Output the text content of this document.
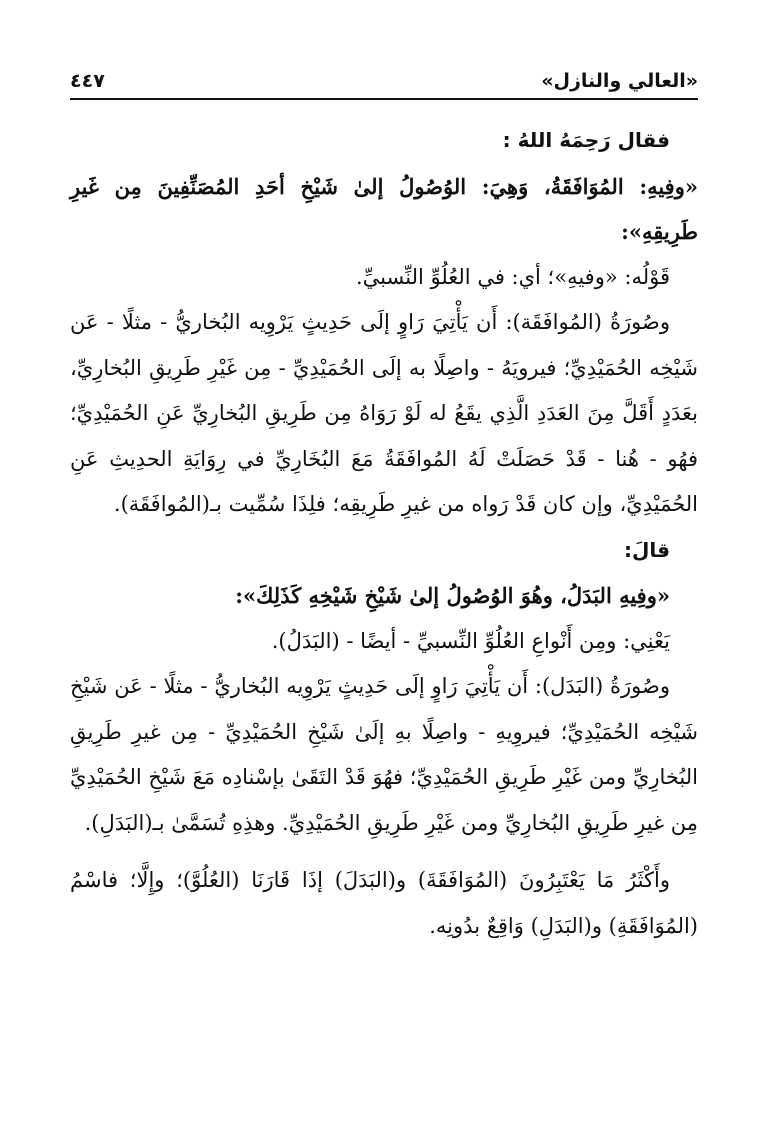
«العالي والنازل»
٤٤٧

فقال رَحِمَهُ اللهُ :

«وفِيهِ: المُوَافَقَةُ، وَهِيَ: الوُصُولُ إلىٰ شَيْخِ أحَدِ المُصَنِّفِينَ مِن غَيرِ طَرِيقِهِ»:

قَوْلُه: «وفيهِ»؛ أي: في العُلُوِّ النِّسبيِّ.

وصُورَةُ (المُوافَقَة): أَن يَأْتِيَ رَاوٍ إلَى حَدِيثٍ يَرْوِيه البُخاريُّ - مثلًا - عَن شَيْخِه الحُمَيْدِيِّ؛ فيرويَهُ - واصِلًا به إلَى الحُمَيْدِيِّ - مِن غَيْرِ طَرِيقِ البُخارِيِّ، بعَدَدٍ أَقَلَّ مِنَ العَدَدِ الَّذِي يقَعُ له لَوْ رَوَاهُ مِن طَرِيقِ البُخارِيِّ عَنِ الحُمَيْدِيِّ؛ فهُو - هُنا - قَدْ حَصَلَتْ لَهُ المُوافَقَةُ مَعَ البُخَارِيِّ في رِوَايَةِ الحدِيثِ عَنِ الحُمَيْدِيِّ، وإن كان قَدْ رَواه من غيرِ طَرِيقِه؛ فلِذَا سُمِّيت بـ(المُوافَقَة).

قالَ:

«وفِيهِ البَدَلُ، وهُوَ الوُصُولُ إلىٰ شَيْخِ شَيْخِهِ كَذَلِكَ»:

يَعْنِي: ومِن أَنْواعِ العُلُوِّ النِّسبيِّ - أيضًا - (البَدَلُ).

وصُورَةُ (البَدَل): أَن يَأْتِيَ رَاوٍ إلَى حَدِيثٍ يَرْوِيه البُخاريُّ - مثلًا - عَن شَيْخِ شَيْخِه الحُمَيْدِيِّ؛ فيروِيهِ - واصِلًا بهِ إلَىٰ شَيْخِ الحُمَيْدِيِّ - مِن غيرِ طَرِيقِ البُخارِيِّ ومن غَيْرِ طَرِيقِ الحُمَيْدِيِّ؛ فهُوَ قَدْ التَقَىٰ بإسْنادِه مَعَ شَيْخِ الحُمَيْدِيِّ مِن غيرِ طَرِيقِ البُخارِيِّ ومن غَيْرِ طَرِيقِ الحُمَيْدِيِّ. وهذِهِ تُسَمَّىٰ بـ(البَدَلِ).

وأَكْثَرُ مَا يَعْتَبِرُونَ (المُوَافَقَةَ) و(البَدَلَ) إذَا قَارَنَا (العُلُوَّ)؛ وإِلَّا؛ فاسْمُ (المُوَافَقَةِ) و(البَدَلِ) وَاقِعٌ بدُونِه.
